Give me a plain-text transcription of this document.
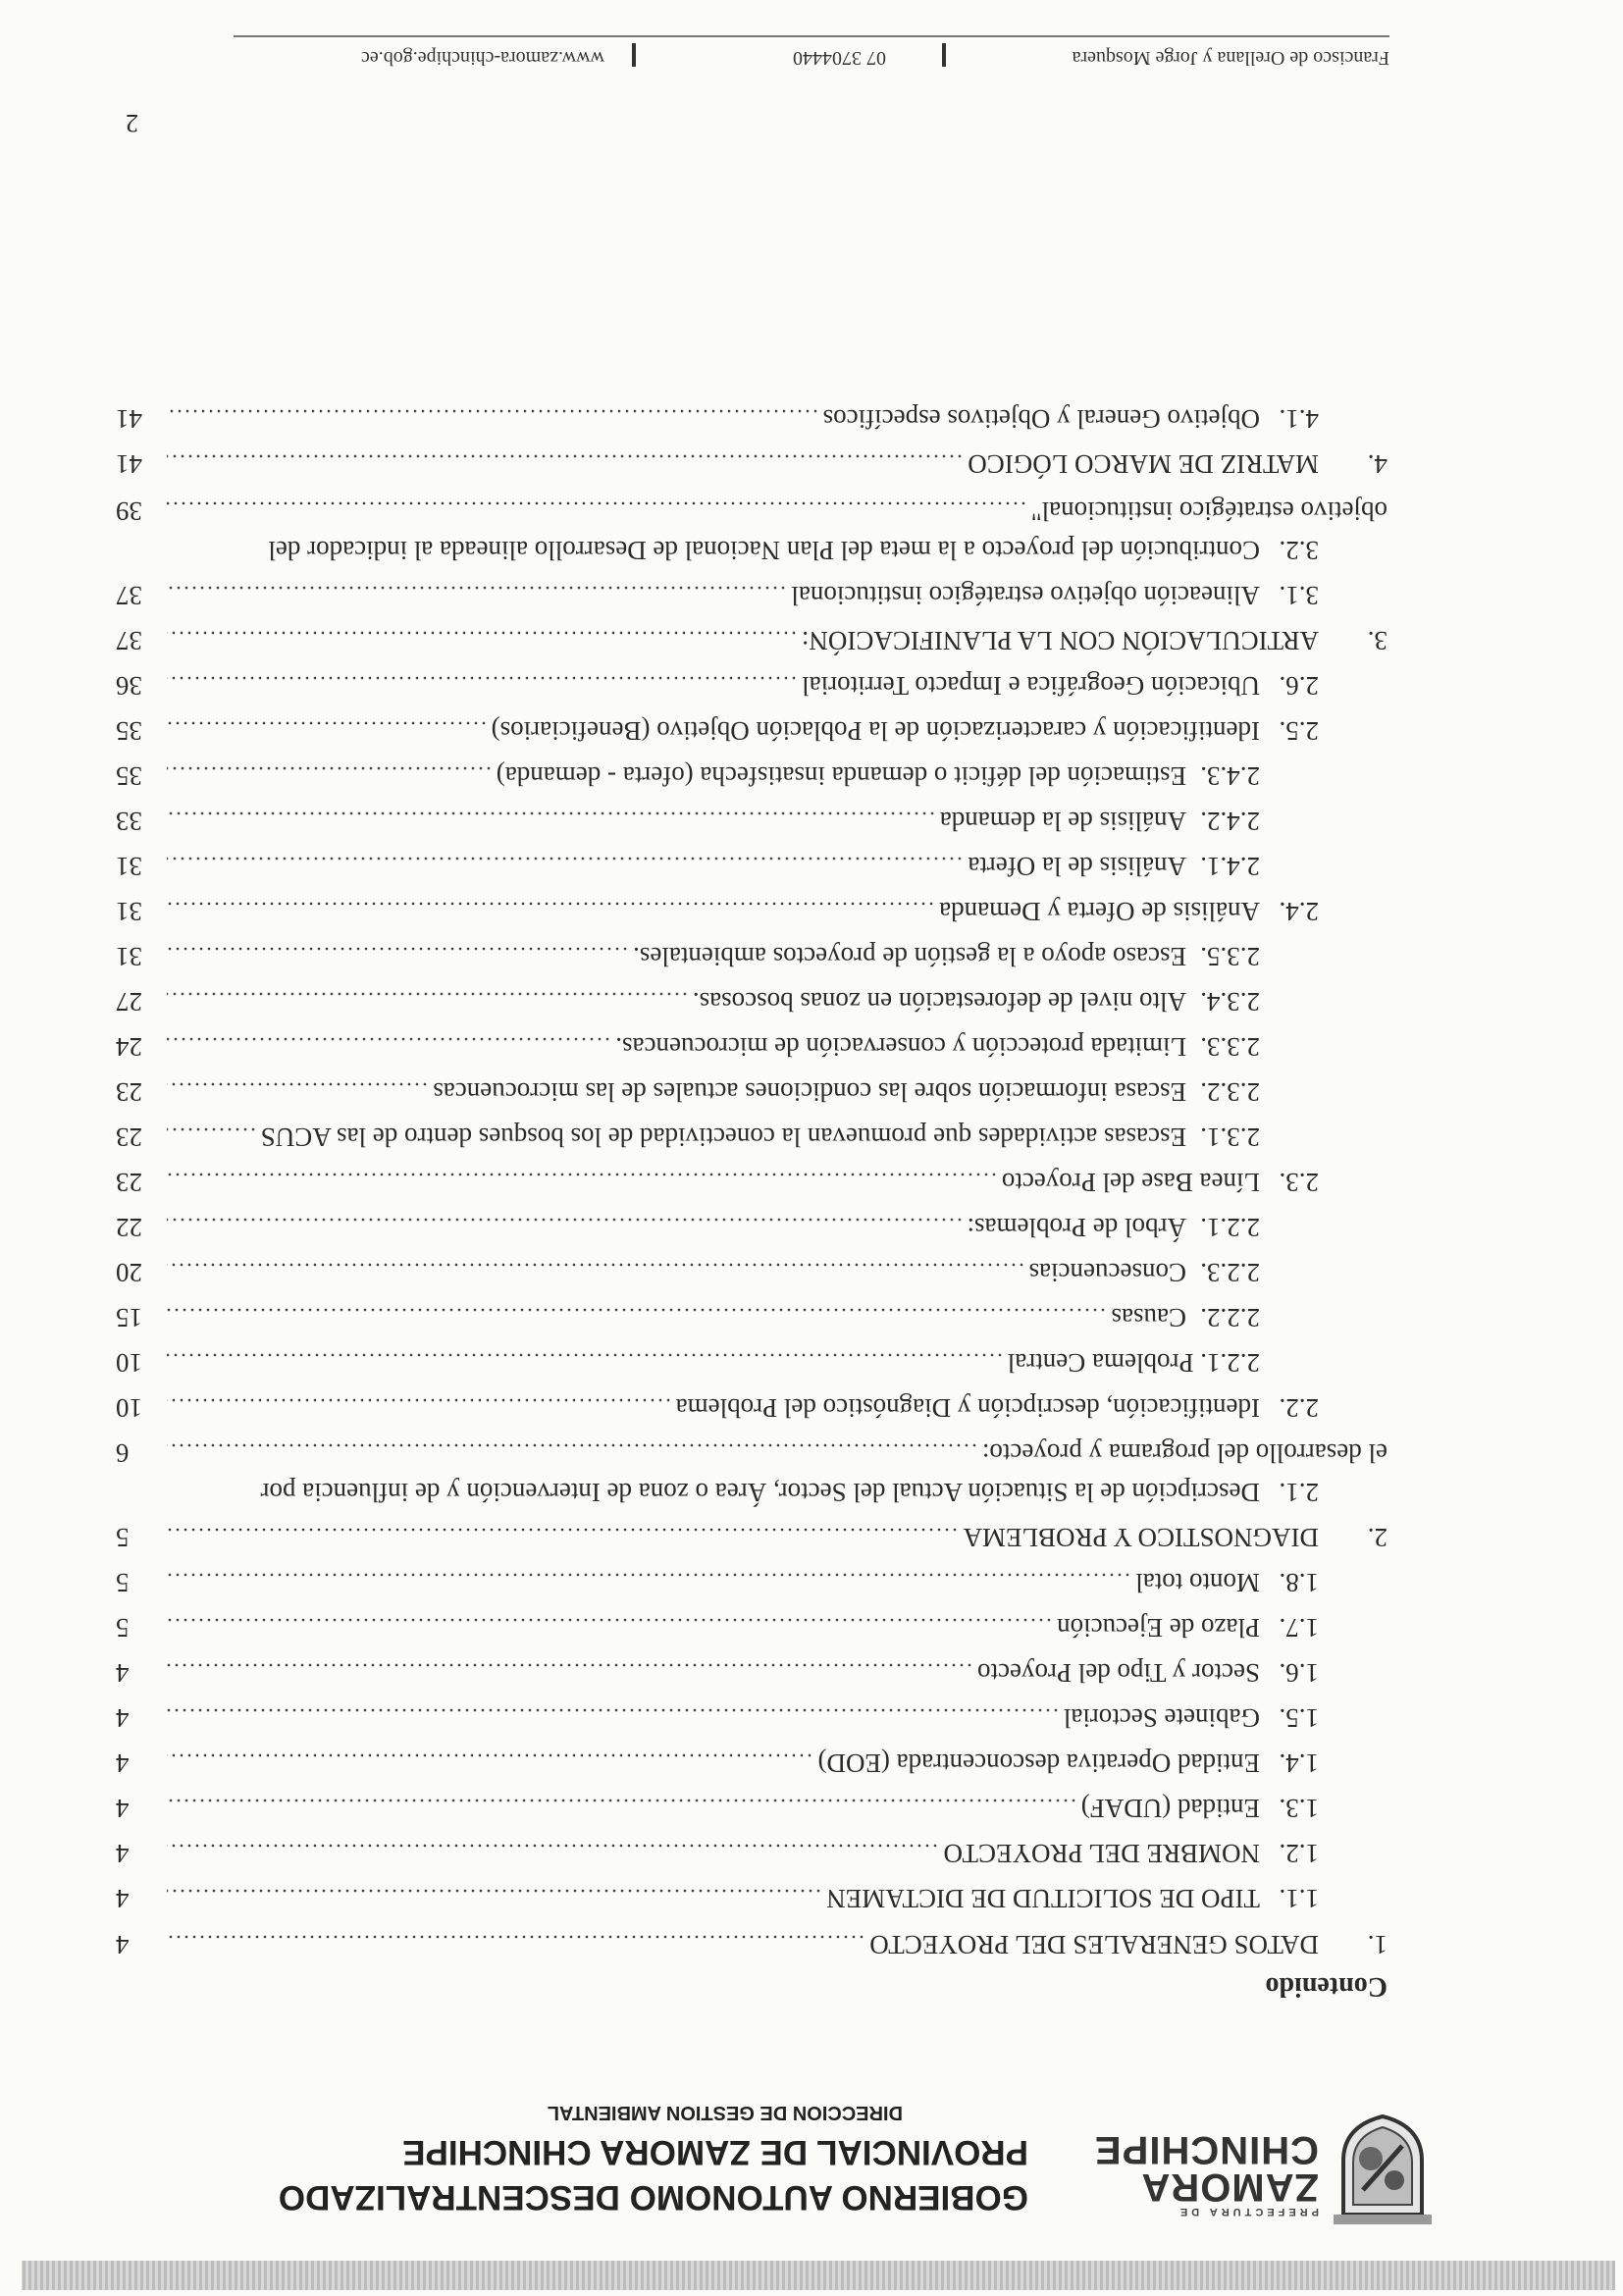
PREFECTURA DE
ZAMORA
CHINCHIPE
GOBIERNO AUTONOMO DESCENTRALIZADO
PROVINCIAL DE ZAMORA CHINCHIPE
DIRECCION DE GESTION AMBIENTAL
Contenido
1.
DATOS GENERALES DEL PROYECTO
4
1.1.
TIPO DE SOLICITUD DE DICTAMEN
4
1.2.
NOMBRE DEL PROYECTO
4
1.3.
Entidad (UDAF)
4
1.4.
Entidad Operativa desconcentrada (EOD)
4
1.5.
Gabinete Sectorial
4
1.6.
Sector y Tipo del Proyecto
4
1.7.
Plazo de Ejecución
5
1.8.
Monto total
5
2.
DIAGNOSTICO Y PROBLEMA
5
2.1.
Descripción de la Situación Actual del Sector, Área o zona de Intervención y de influencia por
el desarrollo del programa y proyecto:
6
2.2.
Identificación, descripción y Diagnóstico del Problema
10
2.2.1. Problema Central
10
2.2.2.
Causas
15
2.2.3.
Consecuencias
20
2.2.1.
Árbol de Problemas:
22
2.3.
Línea Base del Proyecto
23
2.3.1.
Escasas actividades que promuevan la conectividad de los bosques dentro de las ACUS
23
2.3.2.
Escasa información sobre las condiciones actuales de las microcuencas
23
2.3.3.
Limitada protección y conservación de microcuencas.
24
2.3.4.
Alto nivel de deforestación en zonas boscosas.
27
2.3.5.
Escaso apoyo a la gestión de proyectos ambientales.
31
2.4.
Análisis de Oferta y Demanda
31
2.4.1.
Análisis de la Oferta
31
2.4.2.
Análisis de la demanda
33
2.4.3.
Estimación del déficit o demanda insatisfecha (oferta - demanda)
35
2.5.
Identificación y caracterización de la Población Objetivo (Beneficiarios)
35
2.6.
Ubicación Geográfica e Impacto Territorial
36
3.
ARTICULACIÓN CON LA PLANIFICACIÓN:
37
3.1.
Alineación objetivo estratégico institucional
37
3.2.
Contribución del proyecto a la meta del Plan Nacional de Desarrollo alineada al indicador del
objetivo estratégico institucional"
39
4.
MATRIZ DE MARCO LÓGICO
41
4.1.
Objetivo General y Objetivos específicos
41
2
Francisco de Orellana y Jorge Mosquera
07 3704440
www.zamora-chinchipe.gob.ec
